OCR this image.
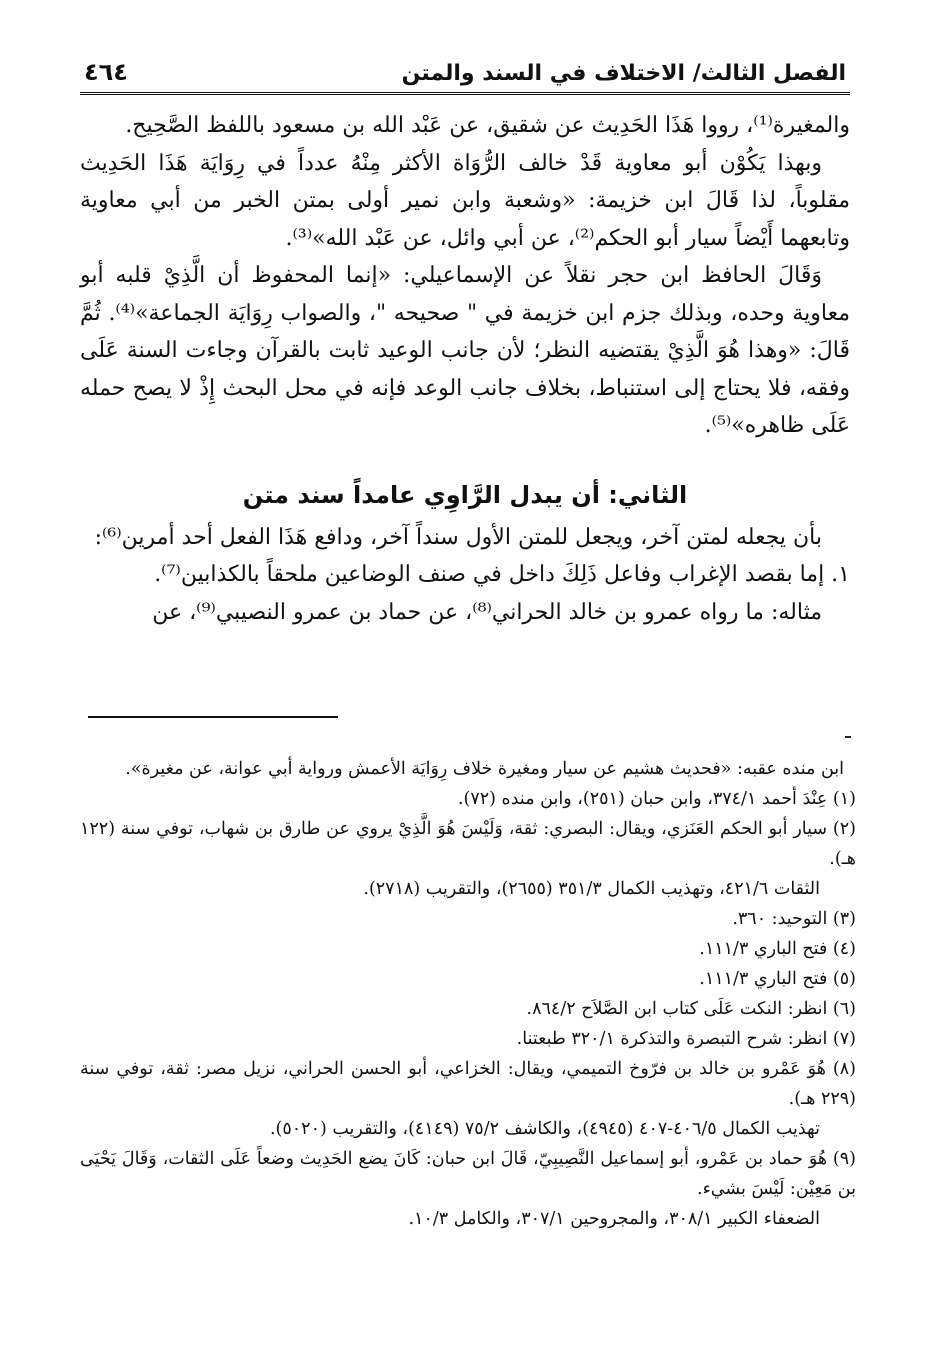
الفصل الثالث/ الاختلاف في السند والمتن
٤٦٤

والمغيرة⁽¹⁾، رووا هَذَا الحَدِيث عن شقيق، عن عَبْد الله بن مسعود باللفظ الصَّحِيح.

وبهذا يَكُوْن أبو معاوية قَدْ خالف الرُّوَاة الأكثر مِنْهُ عدداً في رِوَايَة هَذَا الحَدِيث مقلوباً، لذا قَالَ ابن خزيمة: «وشعبة وابن نمير أولى بمتن الخبر من أبي معاوية وتابعهما أَيْضاً سيار أبو الحكم⁽²⁾، عن أبي وائل، عن عَبْد الله»⁽³⁾.

وَقَالَ الحافظ ابن حجر نقلاً عن الإسماعيلي: «إنما المحفوظ أن الَّذِيْ قلبه أبو معاوية وحده، وبذلك جزم ابن خزيمة في " صحيحه "، والصواب رِوَايَة الجماعة»⁽⁴⁾. ثُمَّ قَالَ: «وهذا هُوَ الَّذِيْ يقتضيه النظر؛ لأن جانب الوعيد ثابت بالقرآن وجاءت السنة عَلَى وفقه، فلا يحتاج إلى استنباط، بخلاف جانب الوعد فإنه في محل البحث إِذْ لا يصح حمله عَلَى ظاهره»⁽⁵⁾.

الثاني: أن يبدل الرَّاوِي عامداً سند متن

بأن يجعله لمتن آخر، ويجعل للمتن الأول سنداً آخر، ودافع هَذَا الفعل أحد أمرين⁽⁶⁾:

١. إما بقصد الإغراب وفاعل ذَلِكَ داخل في صنف الوضاعين ملحقاً بالكذابين⁽⁷⁾.

مثاله: ما رواه عمرو بن خالد الحراني⁽⁸⁾، عن حماد بن عمرو النصيبي⁽⁹⁾، عن

ابن منده عقبه: «فحديث هشيم عن سيار ومغيرة خلاف رِوَايَة الأعمش ورواية أبي عوانة، عن مغيرة».

(١) عِنْدَ أحمد ٣٧٤/١، وابن حبان (٢٥١)، وابن منده (٧٢).

(٢) سيار أبو الحكم العَنَزي، ويقال: البصري: ثقة، وَلَيْسَ هُوَ الَّذِيْ يروي عن طارق بن شهاب، توفي سنة (١٢٢ هـ).

الثقات ٤٢١/٦، وتهذيب الكمال ٣٥١/٣ (٢٦٥٥)، والتقريب (٢٧١٨).

(٣) التوحيد: ٣٦٠.

(٤) فتح الباري ١١١/٣.

(٥) فتح الباري ١١١/٣.

(٦) انظر: النكت عَلَى كتاب ابن الصَّلاَح ٨٦٤/٢.

(٧) انظر: شرح التبصرة والتذكرة ٣٢٠/١ طبعتنا.

(٨) هُوَ عَمْرو بن خالد بن فرّوخ التميمي، ويقال: الخزاعي، أبو الحسن الحراني، نزيل مصر: ثقة، توفي سنة (٢٢٩ هـ).

تهذيب الكمال ٤٠٦/٥-٤٠٧ (٤٩٤٥)، والكاشف ٧٥/٢ (٤١٤٩)، والتقريب (٥٠٢٠).

(٩) هُوَ حماد بن عَمْرو، أبو إسماعيل النَّصِيبِيّ، قَالَ ابن حبان: كَانَ يضع الحَدِيث وضعاً عَلَى الثقات، وَقَالَ يَحْيَى بن مَعِيْن: لَيْسَ بشيء.

الضعفاء الكبير ٣٠٨/١، والمجروحين ٣٠٧/١، والكامل ١٠/٣.
